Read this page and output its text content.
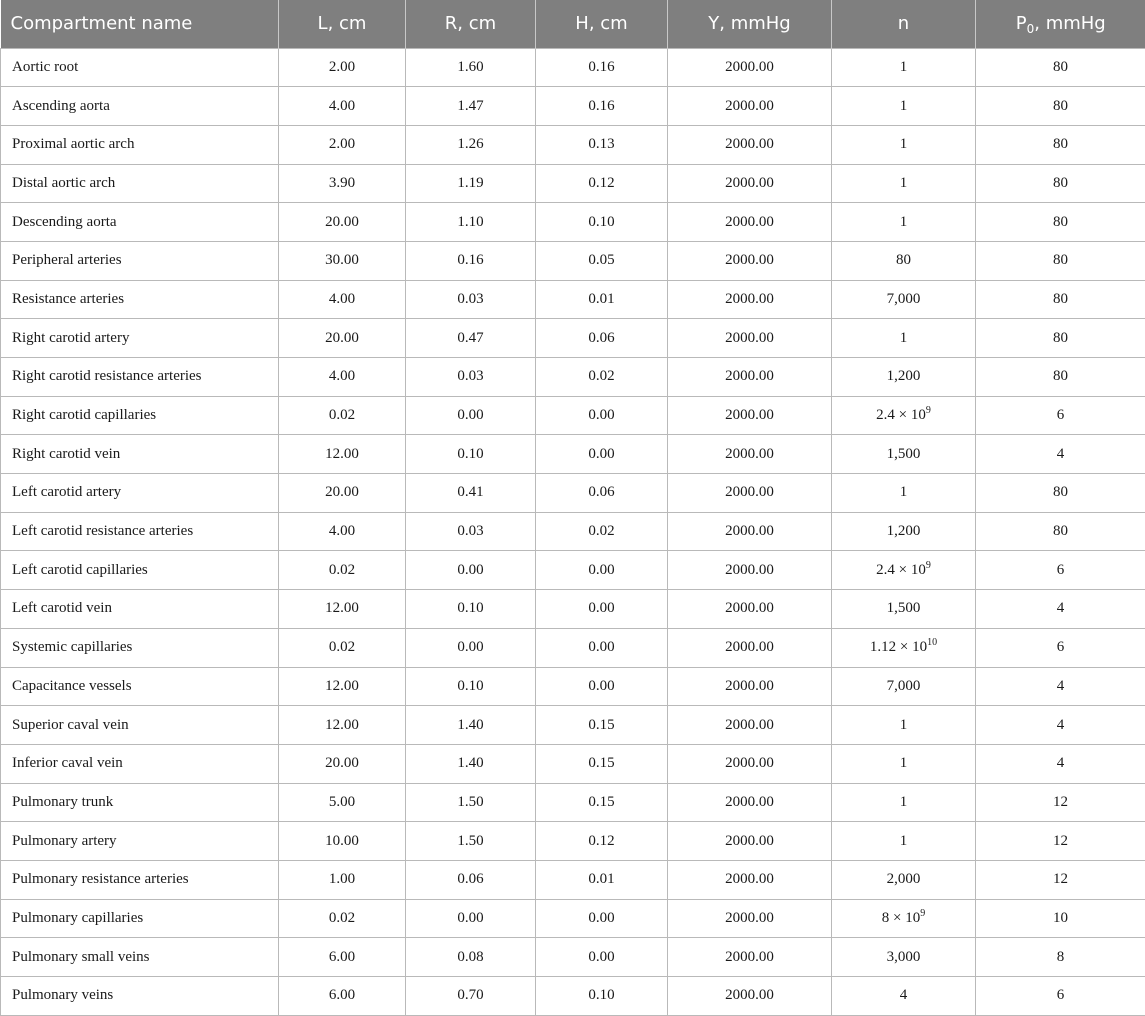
Compartment name	L, cm	R, cm	H, cm	Y, mmHg	n	$P_0$, mmHg
Aortic root	2.00	1.60	0.16	2000.00	1	80
Ascending aorta	4.00	1.47	0.16	2000.00	1	80
Proximal aortic arch	2.00	1.26	0.13	2000.00	1	80
Distal aortic arch	3.90	1.19	0.12	2000.00	1	80
Descending aorta	20.00	1.10	0.10	2000.00	1	80
Peripheral arteries	30.00	0.16	0.05	2000.00	80	80
Resistance arteries	4.00	0.03	0.01	2000.00	7,000	80
Right carotid artery	20.00	0.47	0.06	2000.00	1	80
Right carotid resistance arteries	4.00	0.03	0.02	2000.00	1,200	80
Right carotid capillaries	0.02	0.00	0.00	2000.00	$2.4 \times 10^9$	6
Right carotid vein	12.00	0.10	0.00	2000.00	1,500	4
Left carotid artery	20.00	0.41	0.06	2000.00	1	80
Left carotid resistance arteries	4.00	0.03	0.02	2000.00	1,200	80
Left carotid capillaries	0.02	0.00	0.00	2000.00	$2.4 \times 10^9$	6
Left carotid vein	12.00	0.10	0.00	2000.00	1,500	4
Systemic capillaries	0.02	0.00	0.00	2000.00	$1.12 \times 10^{10}$	6
Capacitance vessels	12.00	0.10	0.00	2000.00	7,000	4
Superior caval vein	12.00	1.40	0.15	2000.00	1	4
Inferior caval vein	20.00	1.40	0.15	2000.00	1	4
Pulmonary trunk	5.00	1.50	0.15	2000.00	1	12
Pulmonary artery	10.00	1.50	0.12	2000.00	1	12
Pulmonary resistance arteries	1.00	0.06	0.01	2000.00	2,000	12
Pulmonary capillaries	0.02	0.00	0.00	2000.00	$8 \times 10^9$	10
Pulmonary small veins	6.00	0.08	0.00	2000.00	3,000	8
Pulmonary veins	6.00	0.70	0.10	2000.00	4	6
